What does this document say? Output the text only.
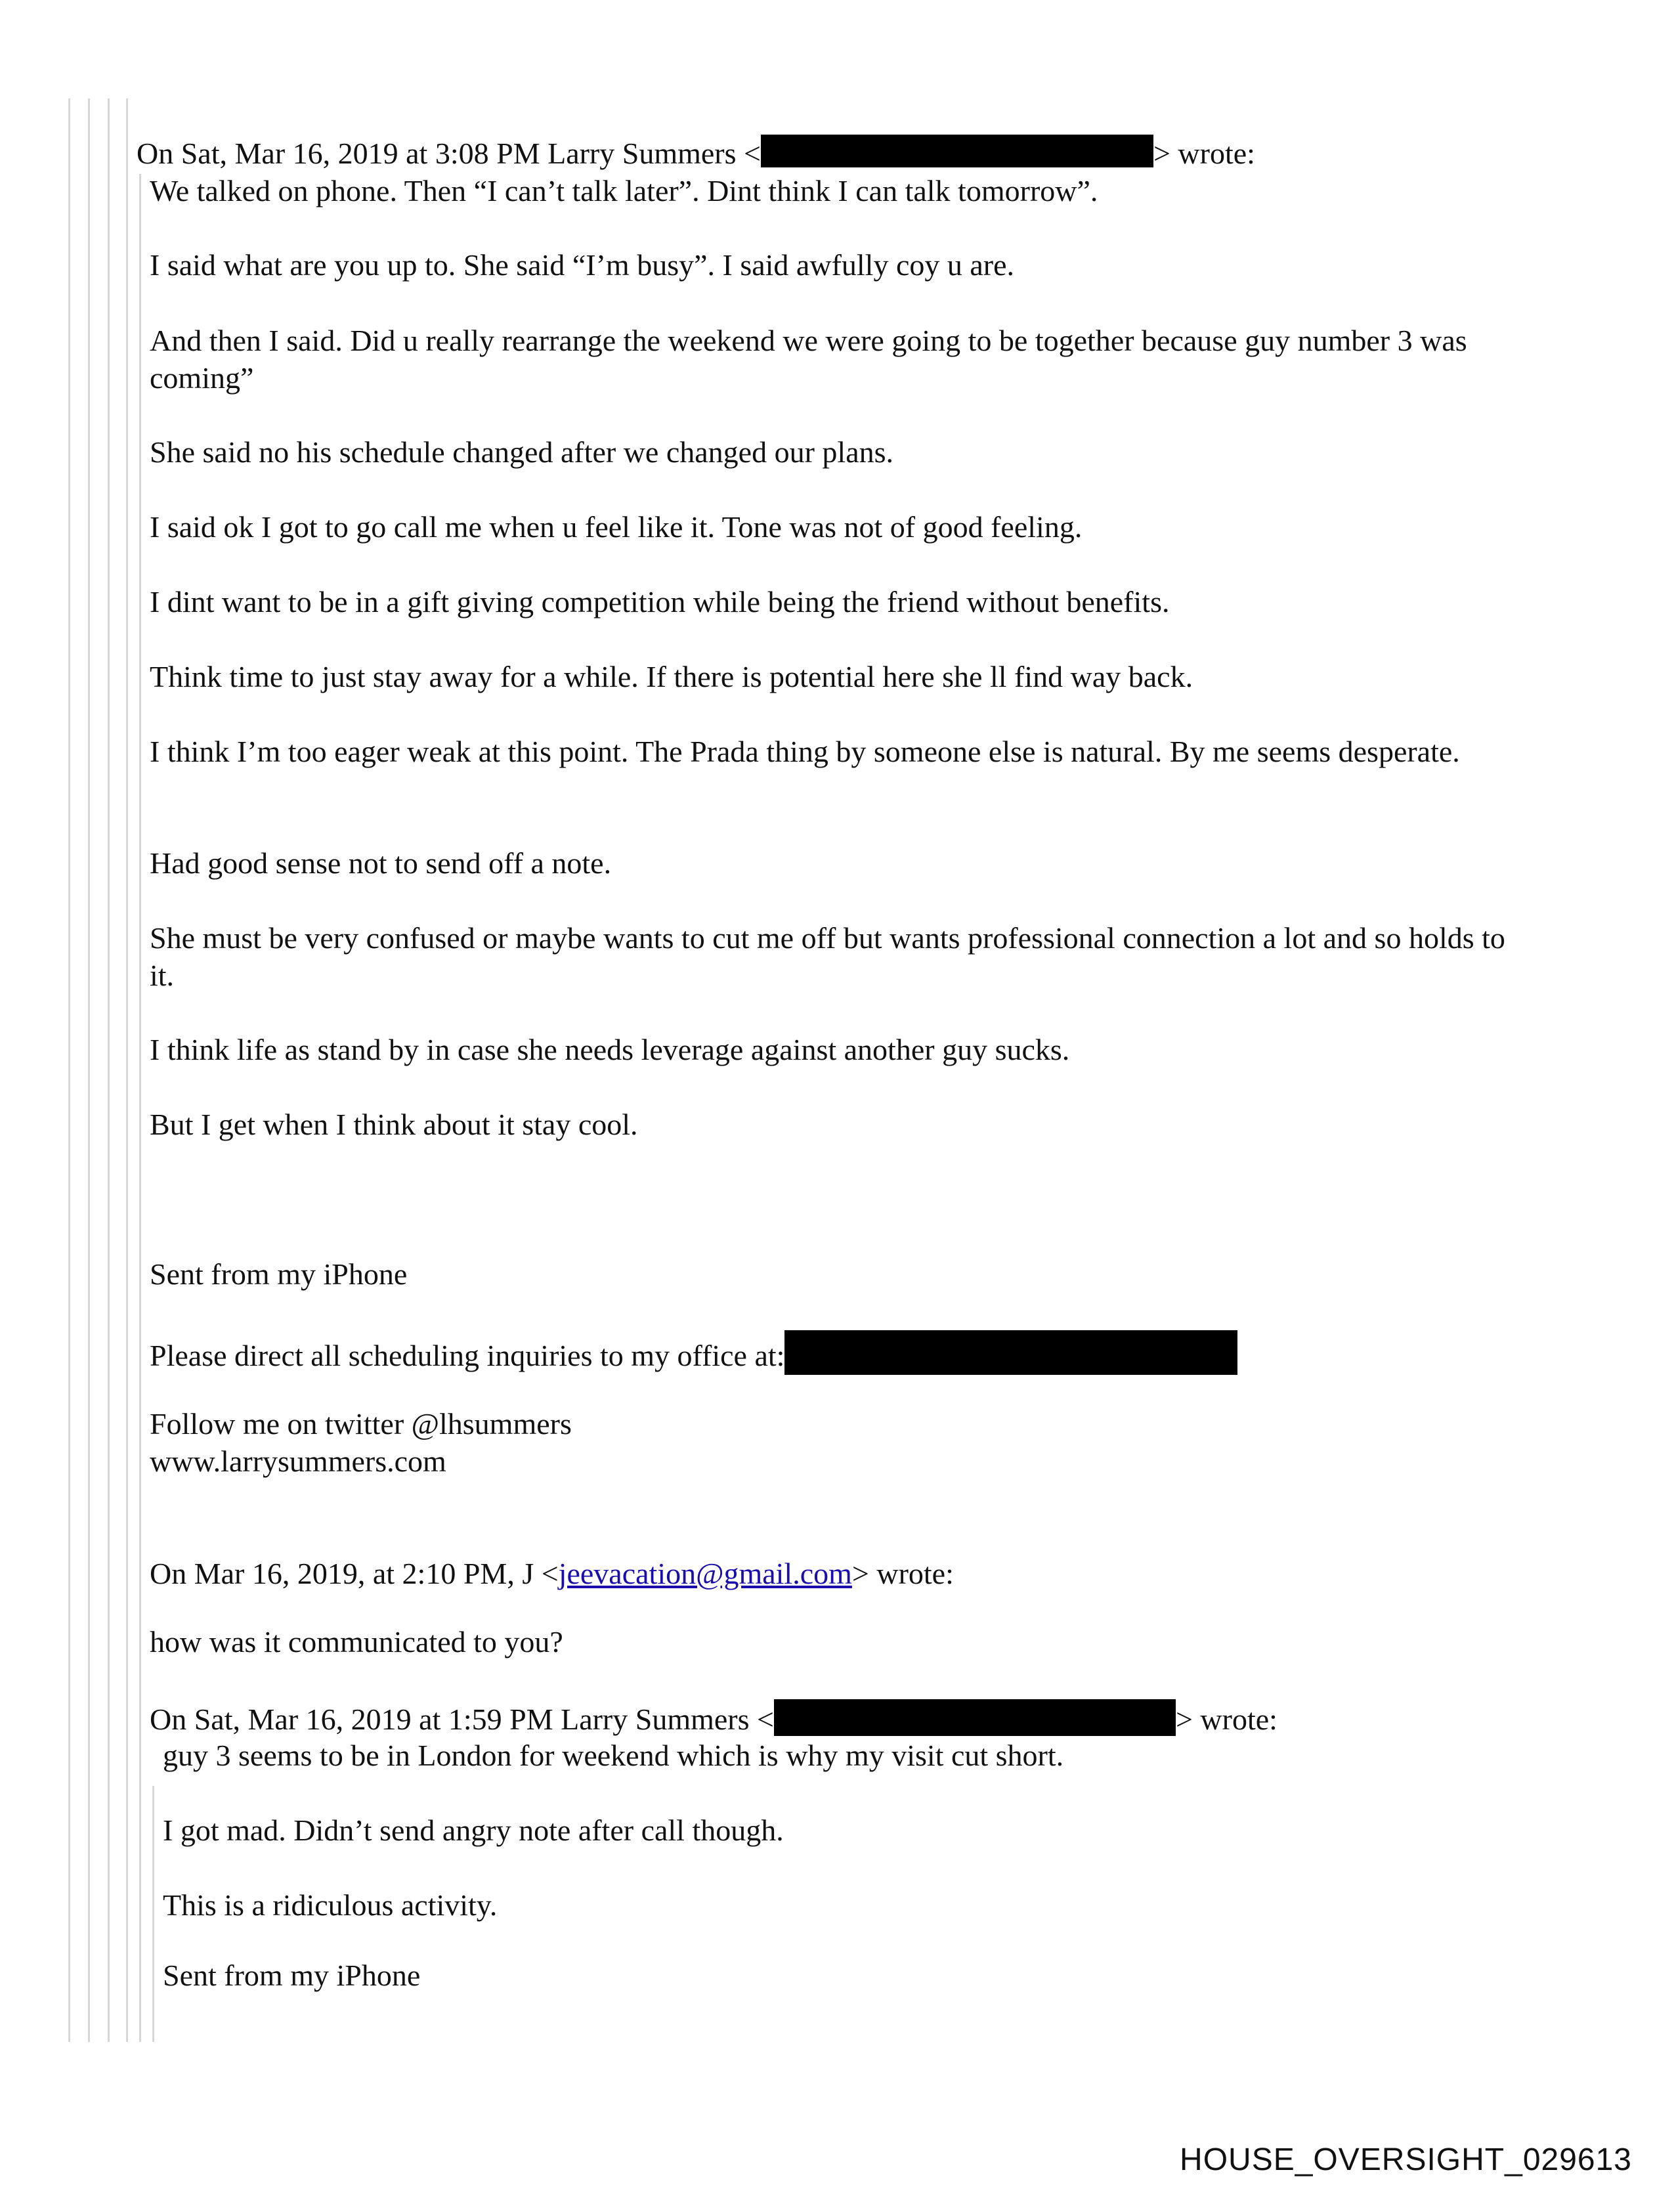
On Sat, Mar 16, 2019 at 3:08 PM Larry Summers <	> wrote:
We talked on phone. Then “I can’t talk later”. Dint think I can talk tomorrow”.
I said what are you up to. She said “I’m busy”. I said awfully coy u are.
And then I said. Did u really rearrange the weekend we were going to be together because guy number 3 was coming”
She said no his schedule changed after we changed our plans.
I said ok I got to go call me when u feel like it. Tone was not of good feeling.
I dint want to be in a gift giving competition while being the friend without benefits.
Think time to just stay away for a while. If there is potential here she ll find way back.
I think I’m too eager weak at this point. The Prada thing by someone else is natural. By me seems desperate.
Had good sense not to send off a note.
She must be very confused or maybe wants to cut me off but wants professional connection a lot and so holds to it.
I think life as stand by in case she needs leverage against another guy sucks.
But I get when I think about it stay cool.
Sent from my iPhone
Please direct all scheduling inquiries to my office at:
Follow me on twitter @lhsummers
www.larrysummers.com
On Mar 16, 2019, at 2:10 PM, J <jeevacation@gmail.com> wrote:
how was it communicated to you?
On Sat, Mar 16, 2019 at 1:59 PM Larry Summers <	> wrote:
guy 3 seems to be in London for weekend which is why my visit cut short.
I got mad. Didn’t send angry note after call though.
This is a ridiculous activity.
Sent from my iPhone
HOUSE_OVERSIGHT_029613
